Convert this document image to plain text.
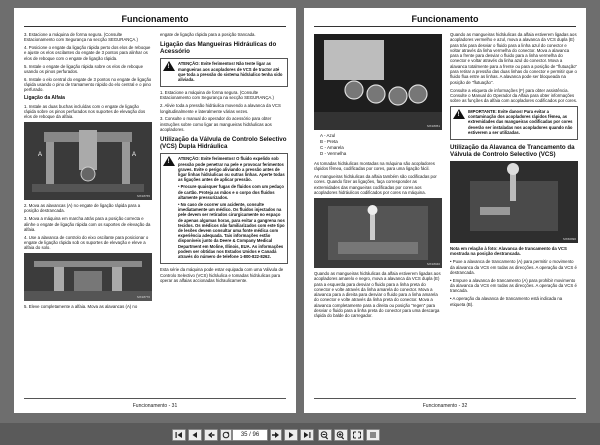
Funcionamento

3. Estacione a máquina de forma segura. (Consulte Estacionamento com Segurança na secção SEGURANÇA.)

4. Posicione o engate da ligação rápida perto dos elos de reboque e ajuste os elos oscilantes do engate de 3 pontos para alinhar os elos de reboque com o engate de ligação rápida.

5. Instale o engate de ligação rápida sobre os elos de reboque usando os pinos perfurados.

6. Instale o elo central do engate de 3 pontos no engate de ligação rápida usando o pino de tramamento rápido do elo central e o pino perfurado.

Ligação da Alfaia

1. Instale as duas buchas incluídas com o engate de ligação rápida sobre os pinos perfurados nos suportes de elevação dos elos de reboque da alfaia.

A	A
MX18765

2. Mova as alavancas (A) no engate de ligação rápida para a posição destrancada.

3. Mova a máquina em marcha atrás para a posição correcta e alinhe o engate de ligação rápida com os suportes de elevação da alfaia.

4. Use a alavanca de controlo do eixo oscilante para posicionar o engate de ligação rápida sob os suportes de elevação e eleve a alfaia do solo.

MX18770

5. Eleve completamente a alfaia. Mova as alavancas (A) no

engate de ligação rápida para a posição trancada.

Ligação das Mangueiras Hidráulicas do Acessório
!

ATENÇÃO: Evite ferimentos! Não tente ligar as mangueiras aos acopladores de VCS de tractor até que toda a pressão do sistema hidráulico tenha sido aliviada.

1. Estacione a máquina de forma segura. (Consulte Estacionamento com Segurança na secção SEGURANÇA.)

2. Alivie toda a pressão hidráulica movendo a alavanca da VCS longitudinalmente e lateralmente várias vezes.

3. Consulte o manual do operador do acessório para obter instruções sobre como ligar as mangueiras hidráulicas aos acopladores.

Utilização da Válvula de Controlo Selectivo (VCS) Dupla Hidráulica
!

ATENÇÃO: Evite ferimentos! O fluido expelido sob pressão pode penetrar na pele e provocar ferimentos graves. Evite o perigo aliviando a pressão antes de ligar linhas hidráulicas ou outras linhas. Aperte todas as ligações antes de aplicar pressão.

• Procure quaisquer fugas de fluidos com um pedaço de cartão. Proteja as mãos e o corpo dos fluidos altamente pressurizados.

• No caso de ocorrer um acidente, consulte imediatamente um médico. Os fluidos injectados na pele devem ser retirados cirurgicamente no espaço de apenas algumas horas, para evitar a gangrena nos tecidos. Os médicos não familiarizados com este tipo de lesões devem consultar uma fonte médica com experiência adequada. Tais informações estão disponíveis junto da Deere & Company Medical Department em Moline, Illinois, EUA. As informações podem ser obtidas nos Estados Unidos e Canadá através do número de telefone 1-800-822-8262.

Esta série da máquina pode estar equipada com uma Válvula de Controlo Selectivo (VCS) hidráulica e tomadas hidráulicas para operar as alfaias accionadas hidraulicamente.

Funcionamento - 31
Funcionamento
MX18051
A - Azul
B - Preta
C - Amarela
D - Vermelha

As tomadas hidráulicas montadas na máquina são acopladores rápidos fêmea, codificadas por cores, para uma ligação fácil.

As mangueiras hidráulicas da alfaia também são codificadas por cores. Quando fizer as ligações, faça corresponder as extremidades das mangueiras codificadas por cores aos acopladores hidráulicos codificados por cores na máquina.

MX18040

Quando as mangueiras hidráulicas da alfaia estiverem ligadas aos acopladores amarelo e negro, mova a alavanca da VCS dupla (E) para a esquerda para desviar o fluido para a linha preta do conector e volte através da linha amarela do conector. Mova a alavanca para a direita para desviar o fluido para a linha amarela do conector e volte através da linha preta do conector. Mova a alavanca completamente para a direita ou posição "regen" para desviar o fluido para a linha preta do conector para uma descarga rápida do balde do carregador.

Quando as mangueiras hidráulicas da alfaia estiverem ligadas aos acopladores vermelho e azul, mova a alavanca da VCS dupla (E) para trás para desviar o fluido para a linha azul do conector e voltar através da linha vermelha do conector. Mova a alavanca para a frente para desviar o fluido para a linha vermelha do conector e voltar através da linha azul do conector. Mova a alavanca totalmente para a frente ou para a posição de "flutuação" para retirar a pressão das duas linhas do conector e permitir que o fluido flua entre as linhas. A alavanca pode ser bloqueada na posição de "flutuação".

Consulte a etiqueta de informações (F) para obter assistência. Consulte o Manual do Operador da Alfaia para obter informações sobre as funções da alfaia com acopladores codificados por cores.

!

IMPORTANTE: Evite danos! Para evitar a contaminação dos acopladores rápidos fêmea, as extremidades das mangueiras codificadas por cores deverão ser instaladas nos acopladores quando não estiverem a ser utilizadas.

Utilização da Alavanca de Trancamento da Válvula de Controlo Selectivo (VCS)
MX60990

Nota em relação à foto: Alavanca de trancamento da VCS mostrada na posição destrancada.

• Puxe a alavanca de trancamento (A) para permitir o movimento da alavanca da VCS em todas as direcções. A operação da VCS é destrancada.

• Empure a alavanca de trancamento (A) para prohibir movimento da alavanca da VCS em todas as direcções. A operação da VCS é trancada.

• A operação da alavanca de trancamento está indicada na etiqueta (B).

Funcionamento - 32
35 / 96
